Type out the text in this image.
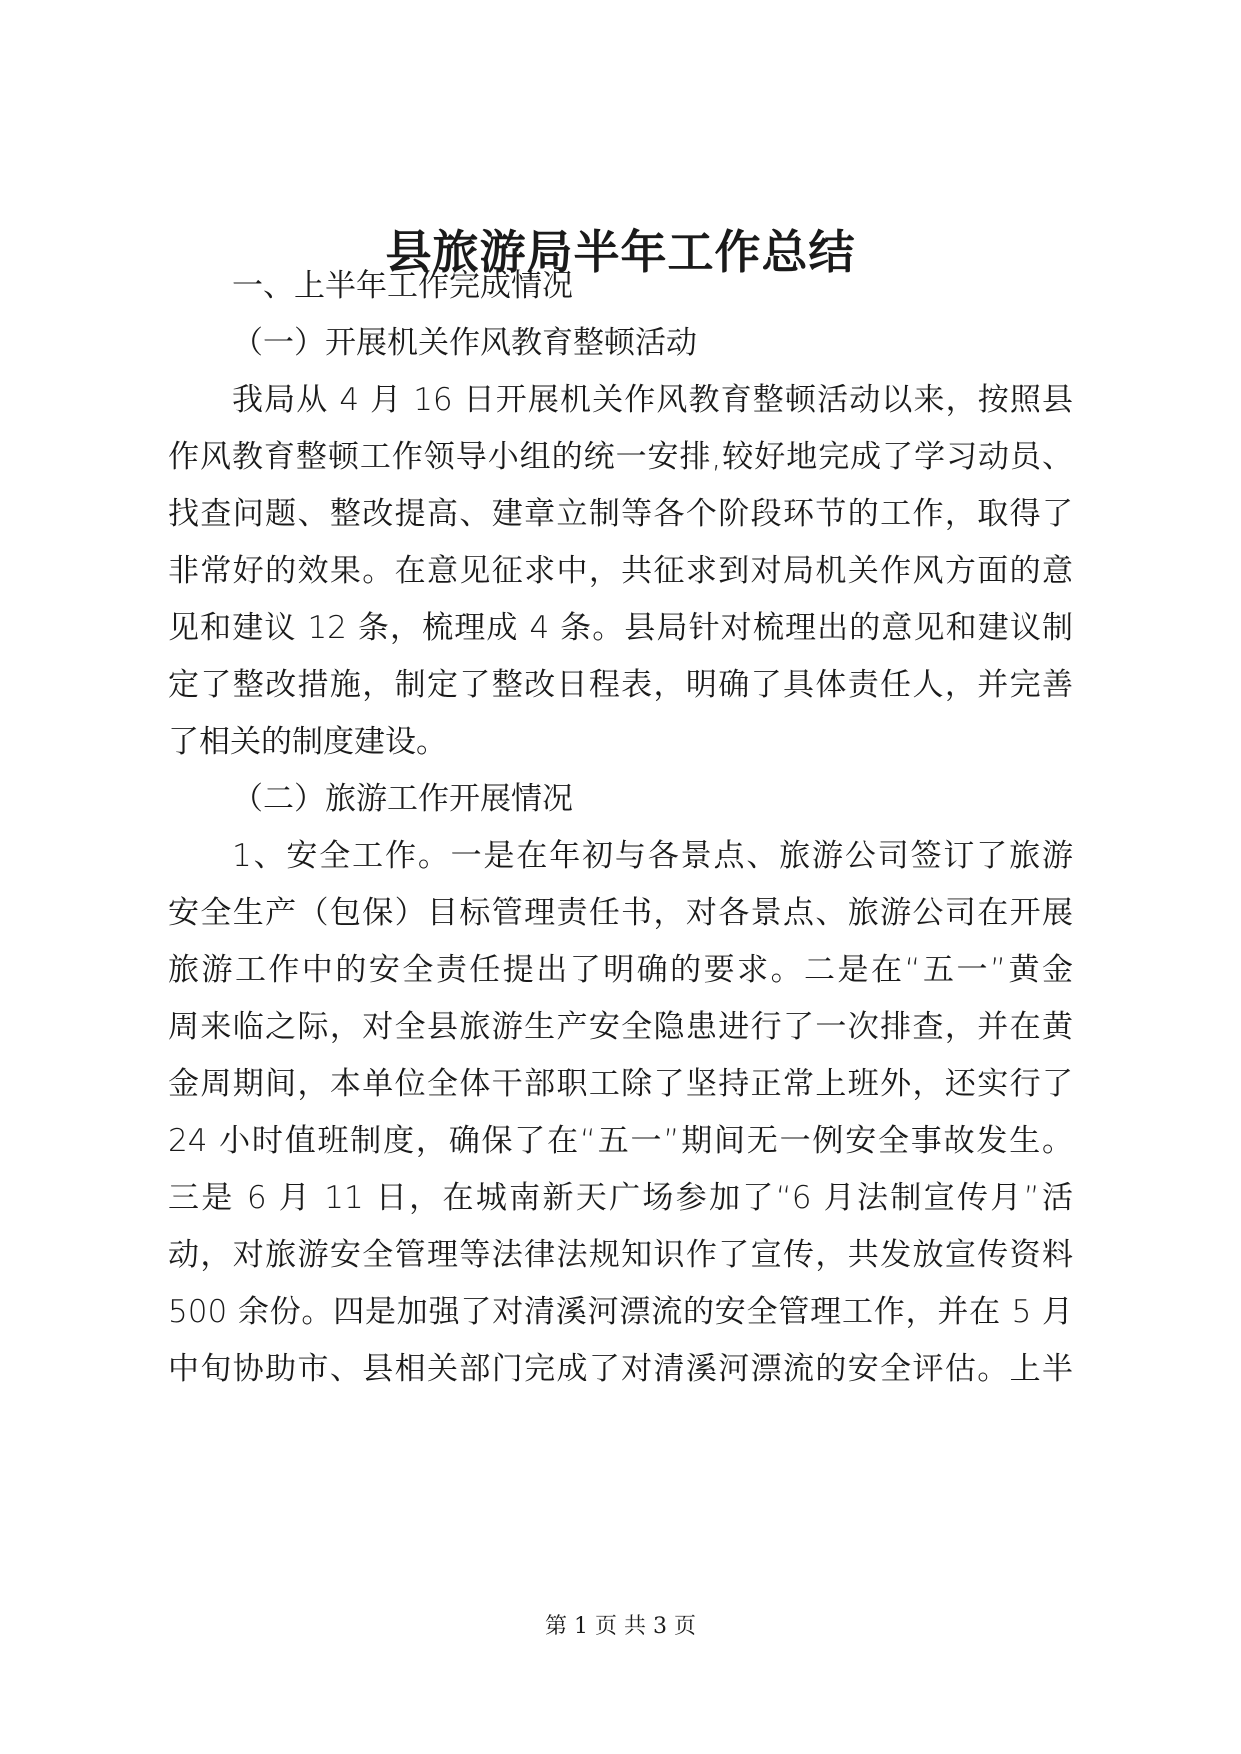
县旅游局半年工作总结
一、上半年工作完成情况
（一）开展机关作风教育整顿活动
我局从 4 月 16 日开展机关作风教育整顿活动以来，按照县
作风教育整顿工作领导小组的统一安排,较好地完成了学习动员、
找查问题、整改提高、建章立制等各个阶段环节的工作，取得了
非常好的效果。在意见征求中，共征求到对局机关作风方面的意
见和建议 12 条，梳理成 4 条。县局针对梳理出的意见和建议制
定了整改措施，制定了整改日程表，明确了具体责任人，并完善
了相关的制度建设。
（二）旅游工作开展情况
1、安全工作。一是在年初与各景点、旅游公司签订了旅游
安全生产（包保）目标管理责任书，对各景点、旅游公司在开展
旅游工作中的安全责任提出了明确的要求。二是在“五一”黄金
周来临之际，对全县旅游生产安全隐患进行了一次排查，并在黄
金周期间，本单位全体干部职工除了坚持正常上班外，还实行了
24 小时值班制度，确保了在“五一”期间无一例安全事故发生。
三是 6 月 11 日，在城南新天广场参加了“6 月法制宣传月”活
动，对旅游安全管理等法律法规知识作了宣传，共发放宣传资料
500 余份。四是加强了对清溪河漂流的安全管理工作，并在 5 月
中旬协助市、县相关部门完成了对清溪河漂流的安全评估。上半
第 1 页 共 3 页
